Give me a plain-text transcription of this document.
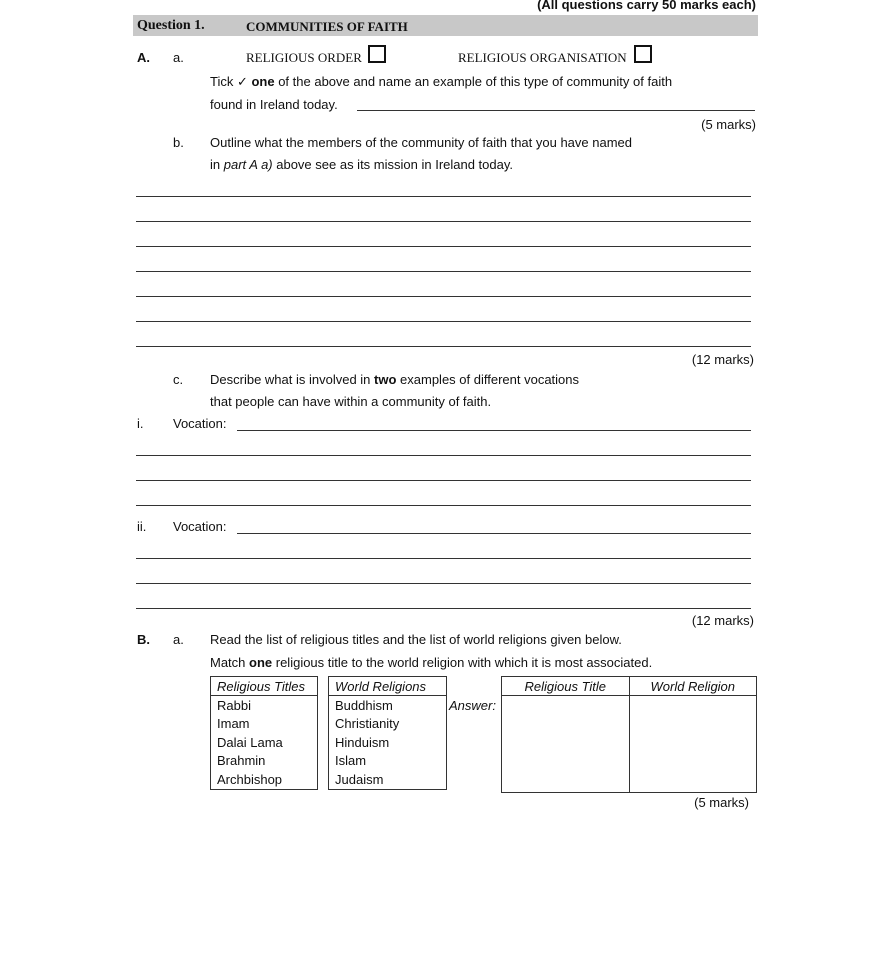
(All questions carry 50 marks each)
Question 1.	COMMUNITIES OF FAITH
A. a.	RELIGIOUS ORDER	RELIGIOUS ORGANISATION
Tick ✓ one of the above and name an example of this type of community of faith
found in Ireland today.
(5 marks)
b. Outline what the members of the community of faith that you have named
in part A a) above see as its mission in Ireland today.
(12 marks)
c. Describe what is involved in two examples of different vocations
that people can have within a community of faith.
i. Vocation:
ii. Vocation:
(12 marks)
B. a. Read the list of religious titles and the list of world religions given below.
Match one religious title to the world religion with which it is most associated.
Religious Titles
Rabbi
Imam
Dalai Lama
Brahmin
Archbishop
World Religions
Buddhism
Christianity
Hinduism
Islam
Judaism
Answer:
Religious Title	World Religion

(5 marks)
